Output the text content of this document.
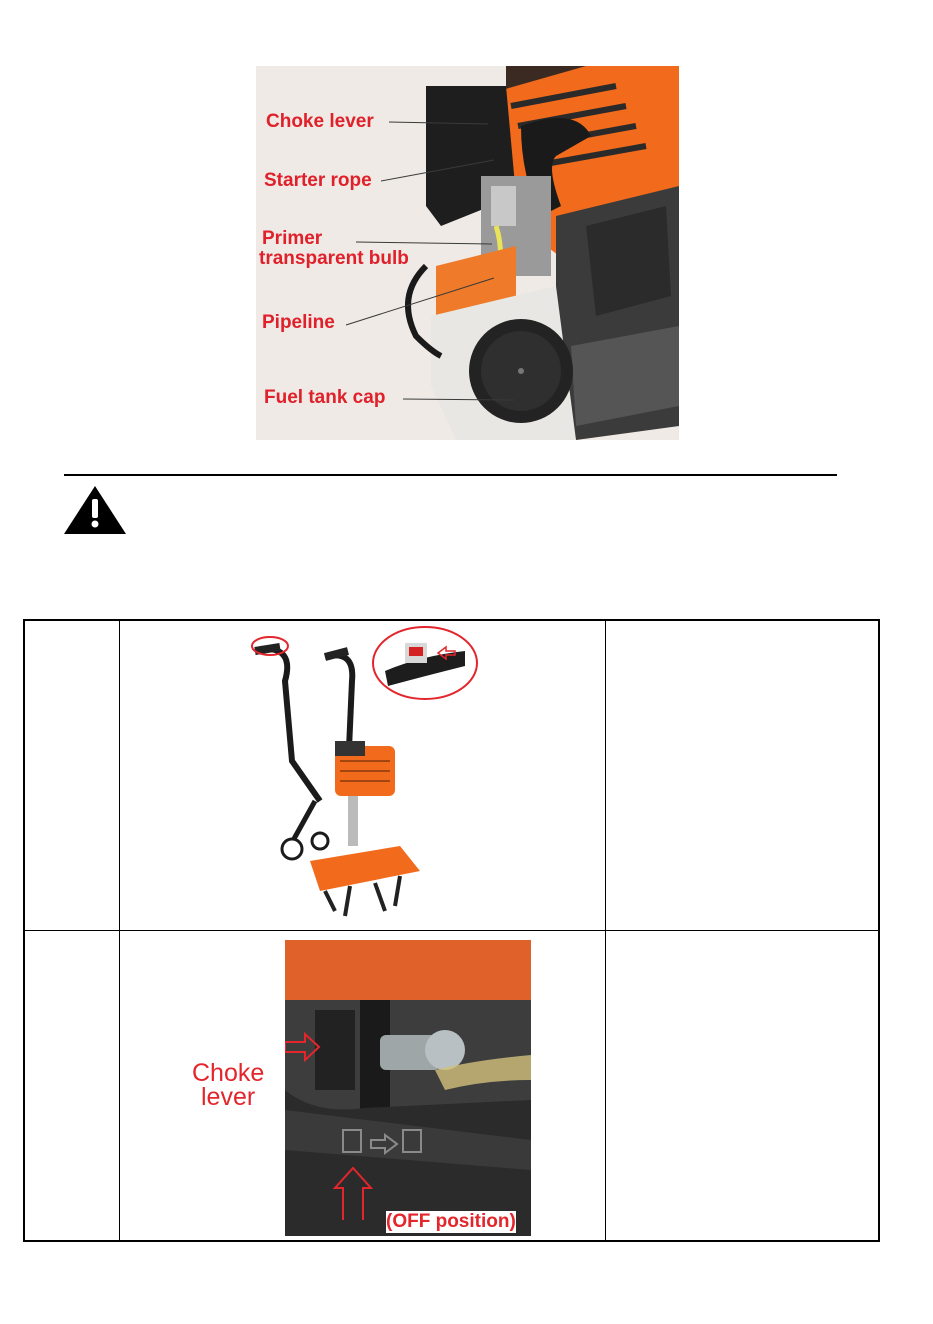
Choke lever
Starter rope
Primer
transparent bulb
Pipeline
Fuel tank cap
Choke
lever
(OFF position)
